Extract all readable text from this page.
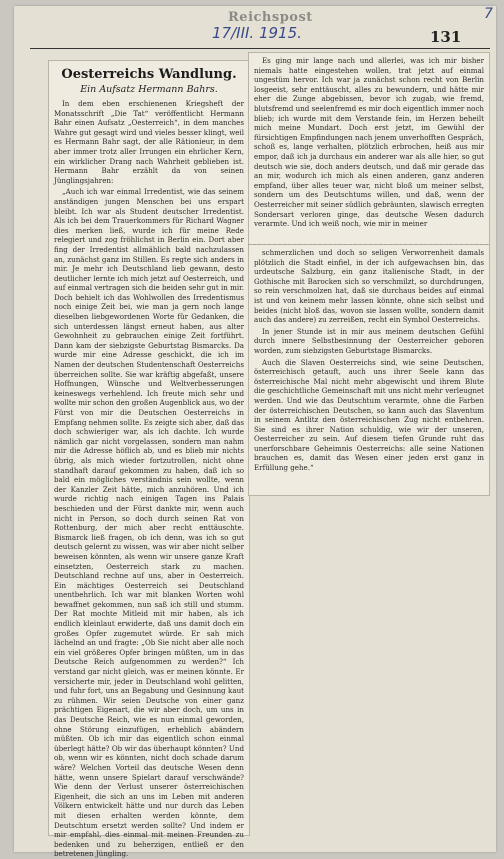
7
Reichspost
17/III. 1915.	131
Oesterreichs Wandlung.
Ein Aufsatz Hermann Bahrs.

In dem eben erschienenen Kriegsheft der Monatsschrift „Die Tat“ veröffentlicht Hermann Bahr einen Aufsatz „Oesterreich“, in dem manches Wahre gut gesagt wird und vieles besser klingt, weil es Hermann Bahr sagt, der alle Rätionieur, in dem aber immer trotz aller Irrungen ein ehrlicher Kern, ein wirklicher Drang nach Wahrheit geblieben ist. Hermann Bahr erzählt da von seinen Jünglingsjahren:

„Auch ich war einmal Irredentist, wie das seinem anständigen jungen Menschen bei uns erspart bleibt. Ich war als Student deutscher Irredentist. Als ich bei dem Trauerkommers für Richard Wagner dies merken ließ, wurde ich für meine Rede relegiert und zog fröhlichst in Berlin ein. Dort aber fing der Irredentist allmählich bald nachzulassen an, zunächst ganz im Stillen. Es regte sich anders in mir. Je mehr ich Deutschland lieb gewann, desto deutlicher lernte ich mich jetzt auf Oesterreich, und auf einmal vertragen sich die beiden sehr gut in mir. Doch behielt ich das Wohlwollen des Irredentismus noch einige Zeit bei, wie man ja gern noch lange dieselben liebgewordenen Worte für Gedanken, die sich unterdessen längst erneut haben, aus alter Gewohnheit zu gebrauchen einige Zeit fortführt. Dann kam der siebzigste Geburtstag Bismarcks. Da wurde mir eine Adresse geschickt, die ich im Namen der deutschen Studentenschaft Oesterreichs überreichen sollte. Sie war kräftig abgefaßt, unsere Hoffnungen, Wünsche und Weltverbesserungen keineswegs verhehlend. Ich freute mich sehr und wollte mir schon den großen Augenblick aus, wo der Fürst von mir die Deutschen Oesterreichs in Empfang nehmen sollte. Es zeigte sich aber, daß das doch schwieriger war, als ich dachte. Ich wurde nämlich gar nicht vorgelassen, sondern man nahm mir die Adresse höflich ab, und es blieb mir nichts übrig, als mich wieder fortzutrollen, nicht ohne standhaft darauf gekommen zu haben, daß ich so bald ein mögliches verständnis sein wollte, wenn der Kanzler Zeit hätte, mich anzuhören. Und ich wurde richtig nach einigen Tagen ins Palais beschieden und der Fürst dankte mir, wenn auch nicht in Person, so doch durch seinen Rat von Rottenburg, der mich aber recht enttäuschte. Bismarck ließ fragen, ob ich denn, was ich so gut deutsch gelernt zu wissen, was wir aber nicht selber beweisen könnten, als wenn wir unsere ganze Kraft einsetzten, Oesterreich stark zu machen. Deutschland rechne auf uns, aber in Oesterreich. Ein mächtiges Oesterreich sei Deutschland unentbehrlich. Ich war mit blanken Worten wohl bewaffnet gekommen, nun saß ich still und stumm. Der Rat mochte Mitleid mit mir haben, als ich endlich kleinlaut erwiderte, daß uns damit doch ein großes Opfer zugemutet würde. Er sah mich lächelnd an und fragte: „Ob Sie nicht aber alle noch ein viel größeres Opfer bringen müßten, um in das Deutsche Reich aufgenommen zu werden?“ Ich verstand gar nicht gleich, was er meinen könnte. Er versicherte mir, jeder in Deutschland wohl gelitten, und fuhr fort, uns an Begabung und Gesinnung kaut zu rühmen. Wir seien Deutsche von einer ganz prächtigen Eigenart, die wir aber doch, um uns in das Deutsche Reich, wie es nun einmal geworden, ohne Störung einzufügen, erheblich abändern müßten. Ob ich mir das eigentlich schon einmal überlegt hätte? Ob wir das überhaupt könnten? Und ob, wenn wir es könnten, nicht doch schade darum wäre? Welchen Vorteil das deutsche Wesen denn hätte, wenn unsere Spielart darauf verschwände? Wie denn der Verlust unserer österreichischen Eigenheit, die sich an uns im Leben mit anderen Völkern entwickelt hätte und nur durch das Leben mit diesen erhalten werden könnte, dem Deutschtum ersetzt werden sollte? Und indem er mir empfahl, dies einmal mit meinen Freunden zu bedenken und zu beherzigen, entließ er den betretenen Jüngling.

Es ging mir lange nach und allerlei, was ich mir bisher niemals hatte eingestehen wollen, trat jetzt auf einmal ungestüm hervor. Ich war ja zunächst schon recht von Berlin losgeeist, sehr enttäuscht, alles zu bewundern, und hätte mir eher die Zunge abgebissen, bevor ich zugab, wie fremd, blutsfremd und seelenfremd es mir doch eigentlich immer noch blieb; ich wurde mit dem Verstande fein, im Herzen beheilt mich meine Mundart. Doch erst jetzt, im Gewühl der fürsichtigen Empfindungen nach jenem unverhofften Gespräch, schoß es, lange verhalten, plötzlich erbrochen, heiß aus mir empor, daß ich ja durchaus ein anderer war als alle hier, so gut deutsch wie sie, doch anders deutsch, und daß mir gerade das an mir, wodurch ich mich als einen anderen, ganz anderen empfand, über alles teuer war, nicht bloß um meiner selbst, sondern um des Deutschtums willen, und daß, wenn der Oesterreicher mit seiner südlich gebräunten, slawisch erregten Sondersart verloren ginge, das deutsche Wesen dadurch verarmte. Und ich weiß noch, wie mir in meiner

schmerzlichen und doch so seligen Verworrenheit damals plötzlich die Stadt einfiel, in der ich aufgewachsen bin, das urdeutsche Salzburg, ein ganz italienische Stadt, in der Gothische mit Barocken sich so verschmilzt, so durchdrungen, so rein verschmolzen hat, daß sie durchaus beides auf einmal ist und von keinem mehr lassen könnte, ohne sich selbst und beides (nicht bloß das, wovon sie lassen wollte, sondern damit auch das andere) zu zerreißen, recht ein Symbol Oesterreichs.

In jener Stunde ist in mir aus meinem deutschen Gefühl durch innere Selbstbesinnung der Oesterreicher geboren worden, zum siebzigsten Geburtstage Bismarcks.

Auch die Slaven Oesterreichs sind, wie seine Deutschen, österreichisch getauft, auch uns ihrer Seele kann das österreichische Mal nicht mehr abgewischt und ihrem Blute die geschichtliche Gemeinschaft mit uns nicht mehr verleugnet werden. Und wie das Deutschtum verarmte, ohne die Farben der österreichischen Deutschen, so kann auch das Slaventum in seinem Antlitz den österreichischen Zug nicht entbehren. Sie sind es ihrer Nation schuldig, wie wir der unseren, Oesterreicher zu sein. Auf diesem tiefen Grunde ruht das unerforschbare Geheimnis Oesterreichs: alle seine Nationen brauchen es, damit das Wesen einer jeden erst ganz in Erfüllung gehe.“
